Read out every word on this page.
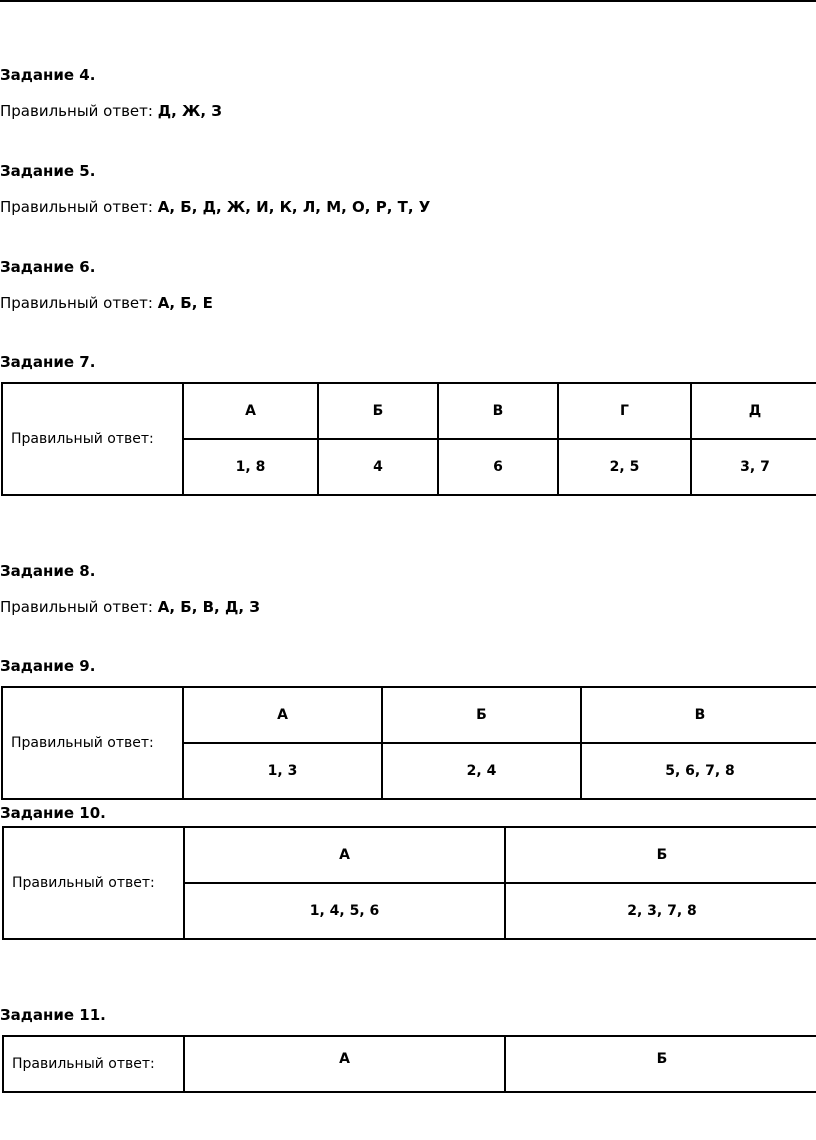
Задание 4.
Правильный ответ: Д, Ж, З
Задание 5.
Правильный ответ: А, Б, Д, Ж, И, К, Л, М, О, Р, Т, У
Задание 6.
Правильный ответ: А, Б, Е
Задание 7.
Правильный ответ:	А	Б	В	Г	Д
	1, 8	4	6	2, 5	3, 7
Задание 8.
Правильный ответ: А, Б, В, Д, З
Задание 9.
Правильный ответ:	А	Б	В
	1, 3	2, 4	5, 6, 7, 8
Задание 10.
Правильный ответ:	А	Б
	1, 4, 5, 6	2, 3, 7, 8
Задание 11.
Правильный ответ:	А	Б
